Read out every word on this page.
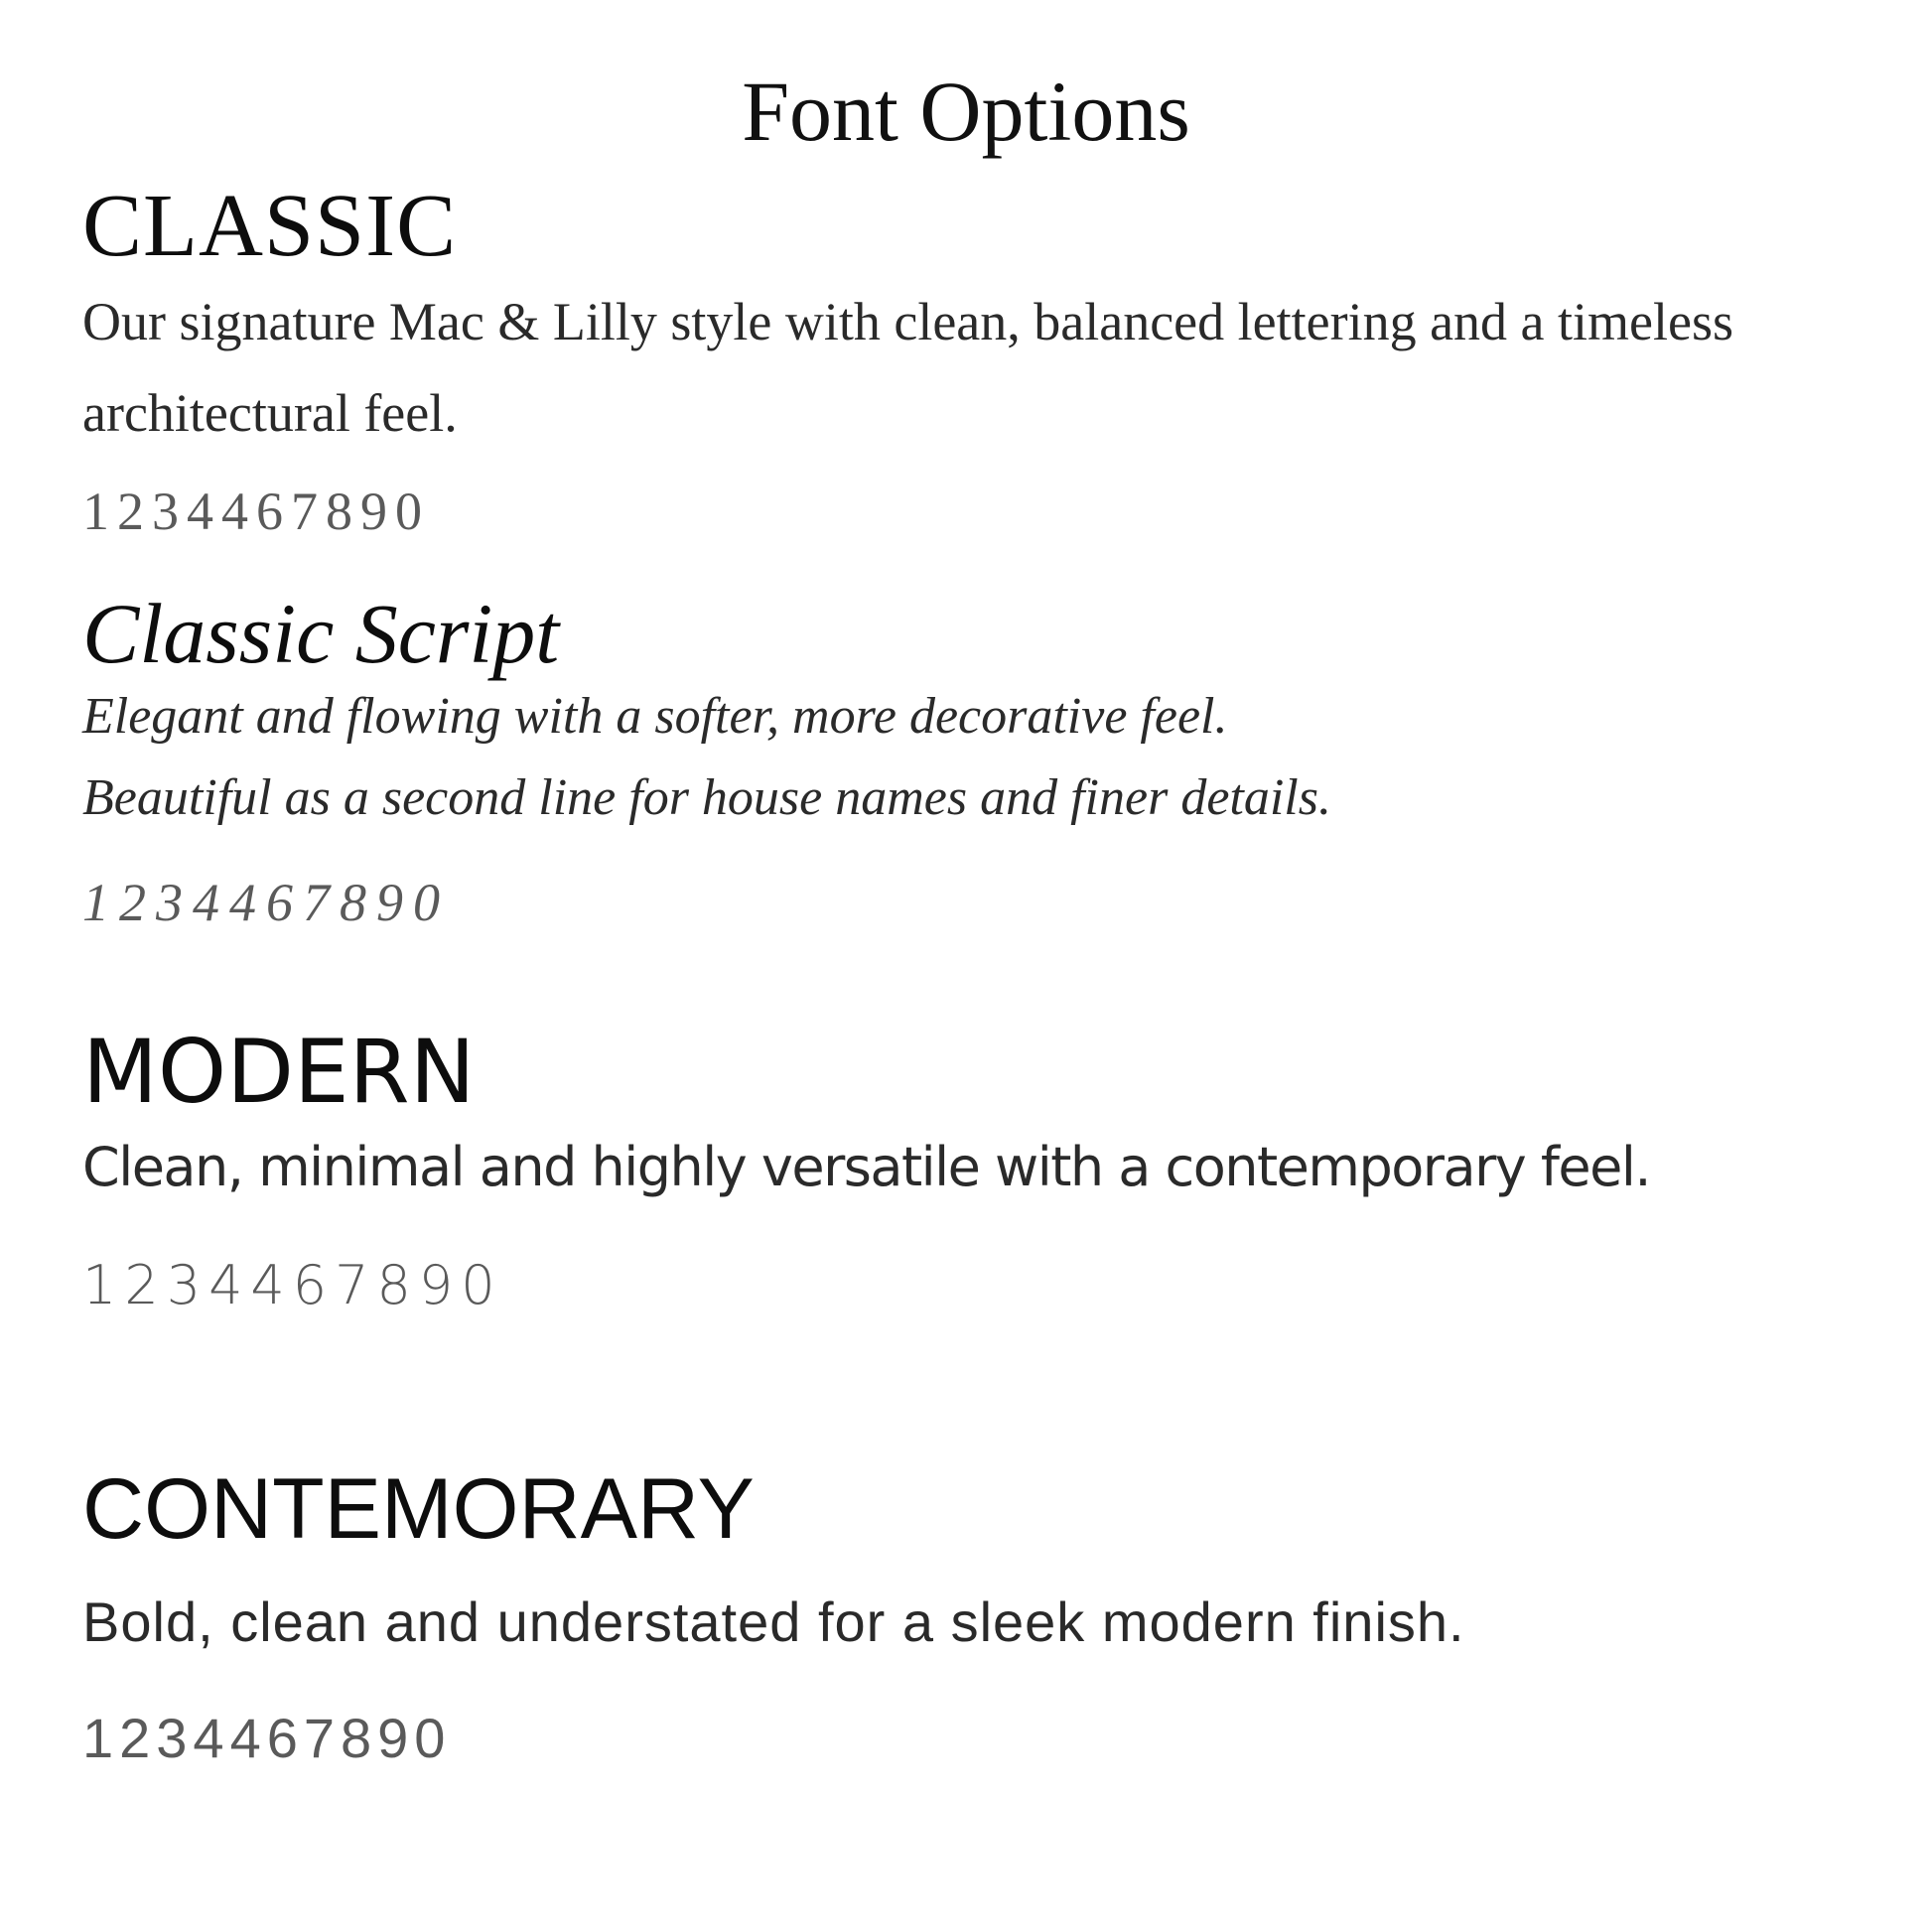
Font Options
CLASSIC

Our signature Mac & Lilly style with clean, balanced lettering and a timeless architectural feel.

1234467890

Classic Script

Elegant and flowing with a softer, more decorative feel.

Beautiful as a second line for house names and finer details.

1234467890

MODERN

Clean, minimal and highly versatile with a contemporary feel.

1234467890

CONTEMORARY

Bold, clean and understated for a sleek modern finish.

1234467890
